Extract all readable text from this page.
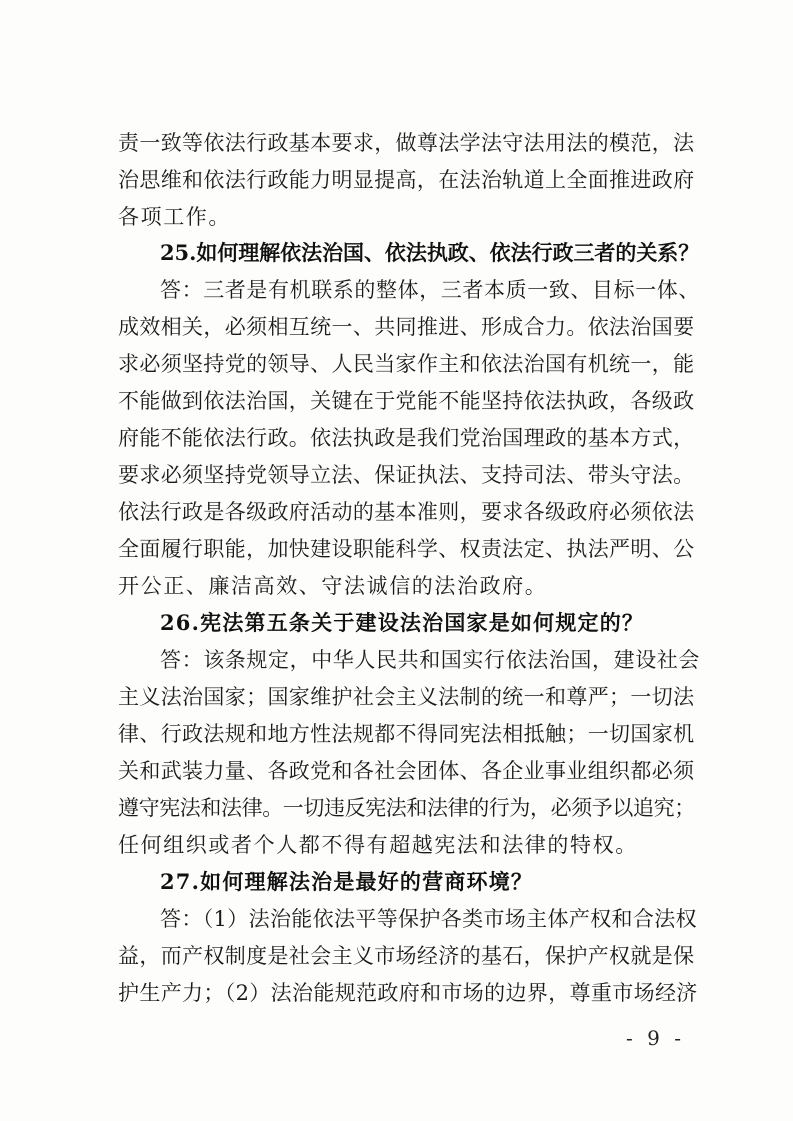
责一致等依法行政基本要求，做尊法学法守法用法的模范，法
治思维和依法行政能力明显提高，在法治轨道上全面推进政府
各项工作。
25.如何理解依法治国、依法执政、依法行政三者的关系？
答：三者是有机联系的整体，三者本质一致、目标一体、
成效相关，必须相互统一、共同推进、形成合力。依法治国要
求必须坚持党的领导、人民当家作主和依法治国有机统一，能
不能做到依法治国，关键在于党能不能坚持依法执政，各级政
府能不能依法行政。依法执政是我们党治国理政的基本方式，
要求必须坚持党领导立法、保证执法、支持司法、带头守法。
依法行政是各级政府活动的基本准则，要求各级政府必须依法
全面履行职能，加快建设职能科学、权责法定、执法严明、公
开公正、廉洁高效、守法诚信的法治政府。
26.宪法第五条关于建设法治国家是如何规定的？
答：该条规定，中华人民共和国实行依法治国，建设社会
主义法治国家；国家维护社会主义法制的统一和尊严；一切法
律、行政法规和地方性法规都不得同宪法相抵触；一切国家机
关和武装力量、各政党和各社会团体、各企业事业组织都必须
遵守宪法和法律。一切违反宪法和法律的行为，必须予以追究；
任何组织或者个人都不得有超越宪法和法律的特权。
27.如何理解法治是最好的营商环境？
答：（1）法治能依法平等保护各类市场主体产权和合法权
益，而产权制度是社会主义市场经济的基石，保护产权就是保
护生产力；（2）法治能规范政府和市场的边界，尊重市场经济
- 9 -
